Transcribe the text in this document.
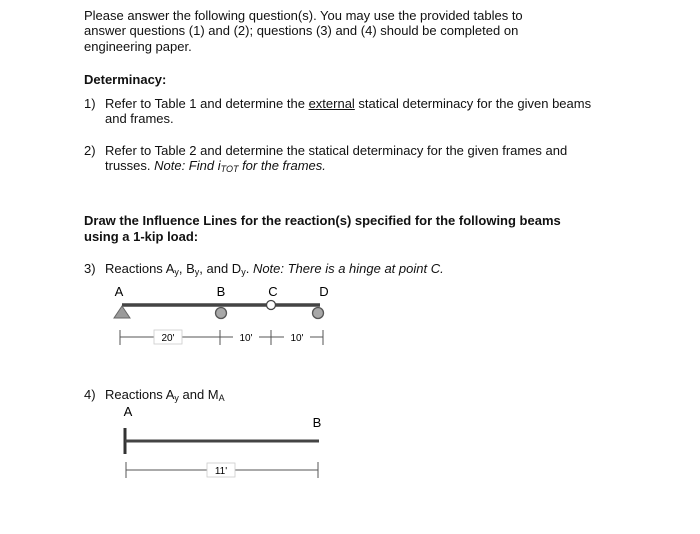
Please answer the following question(s). You may use the provided tables to
answer questions (1) and (2); questions (3) and (4) should be completed on
engineering paper.
Determinacy:
1) Refer to Table 1 and determine the external statical determinacy for the given beams
and frames.
2) Refer to Table 2 and determine the statical determinacy for the given frames and
trusses. Note: Find $i_{TOT}$ for the frames.
Draw the Influence Lines for the reaction(s) specified for the following beams
using a 1-kip load:
3) Reactions $A_y$, $B_y$, and $D_y$. Note: There is a hinge at point C.
A	B	C	D
20'	10'	10'
4) Reactions $A_y$ and $M_A$
A
B
11'
